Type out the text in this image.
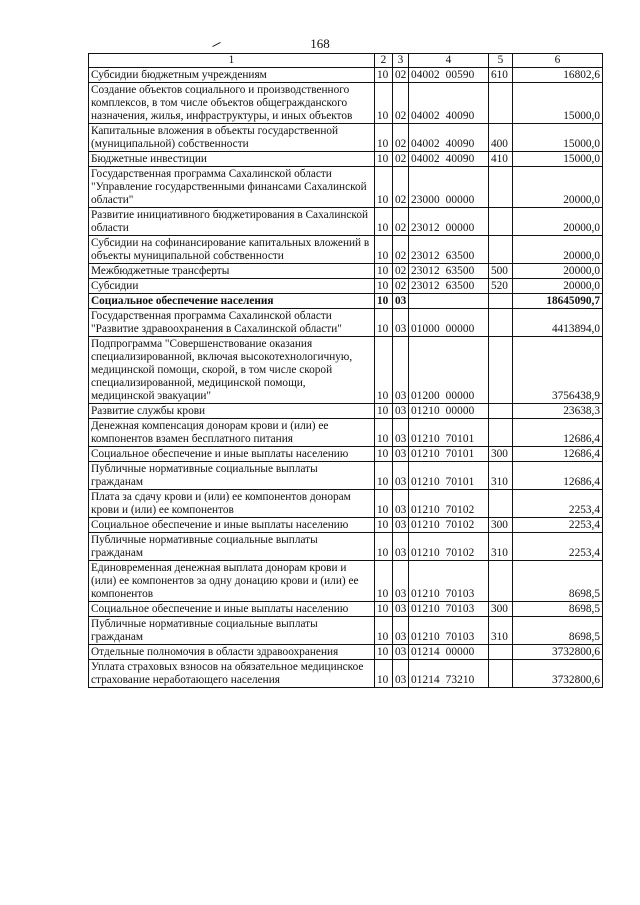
168
1	2	3	4	5	6
Субсидии бюджетным учреждениям	10	02	04002  00590	610	16802,6
Создание объектов социального и производственного комплексов, в том числе объектов общегражданского назначения, жилья, инфраструктуры, и иных объектов	10	02	04002  40090		15000,0
Капитальные вложения в объекты государственной (муниципальной) собственности	10	02	04002  40090	400	15000,0
Бюджетные инвестиции	10	02	04002  40090	410	15000,0
Государственная программа Сахалинской области "Управление государственными финансами Сахалинской области"	10	02	23000  00000		20000,0
Развитие инициативного бюджетирования в Сахалинской области	10	02	23012  00000		20000,0
Субсидии на софинансирование капитальных вложений в объекты муниципальной собственности	10	02	23012  63500		20000,0
Межбюджетные трансферты	10	02	23012  63500	500	20000,0
Субсидии	10	02	23012  63500	520	20000,0
Социальное обеспечение населения	10	03			18645090,7
Государственная программа Сахалинской области "Развитие здравоохранения в Сахалинской области"	10	03	01000  00000		4413894,0
Подпрограмма "Совершенствование оказания специализированной, включая высокотехнологичную, медицинской помощи, скорой, в том числе скорой специализированной, медицинской помощи, медицинской эвакуации"	10	03	01200  00000		3756438,9
Развитие службы крови	10	03	01210  00000		23638,3
Денежная компенсация донорам крови и (или) ее компонентов взамен бесплатного питания	10	03	01210  70101		12686,4
Социальное обеспечение и иные выплаты населению	10	03	01210  70101	300	12686,4
Публичные нормативные социальные выплаты гражданам	10	03	01210  70101	310	12686,4
Плата за сдачу крови и (или) ее компонентов донорам крови и (или) ее компонентов	10	03	01210  70102		2253,4
Социальное обеспечение и иные выплаты населению	10	03	01210  70102	300	2253,4
Публичные нормативные социальные выплаты гражданам	10	03	01210  70102	310	2253,4
Единовременная денежная выплата донорам крови и (или) ее компонентов за одну донацию крови и (или) ее компонентов	10	03	01210  70103		8698,5
Социальное обеспечение и иные выплаты населению	10	03	01210  70103	300	8698,5
Публичные нормативные социальные выплаты гражданам	10	03	01210  70103	310	8698,5
Отдельные полномочия в области здравоохранения	10	03	01214  00000		3732800,6
Уплата страховых взносов на обязательное медицинское страхование неработающего населения	10	03	01214  73210		3732800,6
